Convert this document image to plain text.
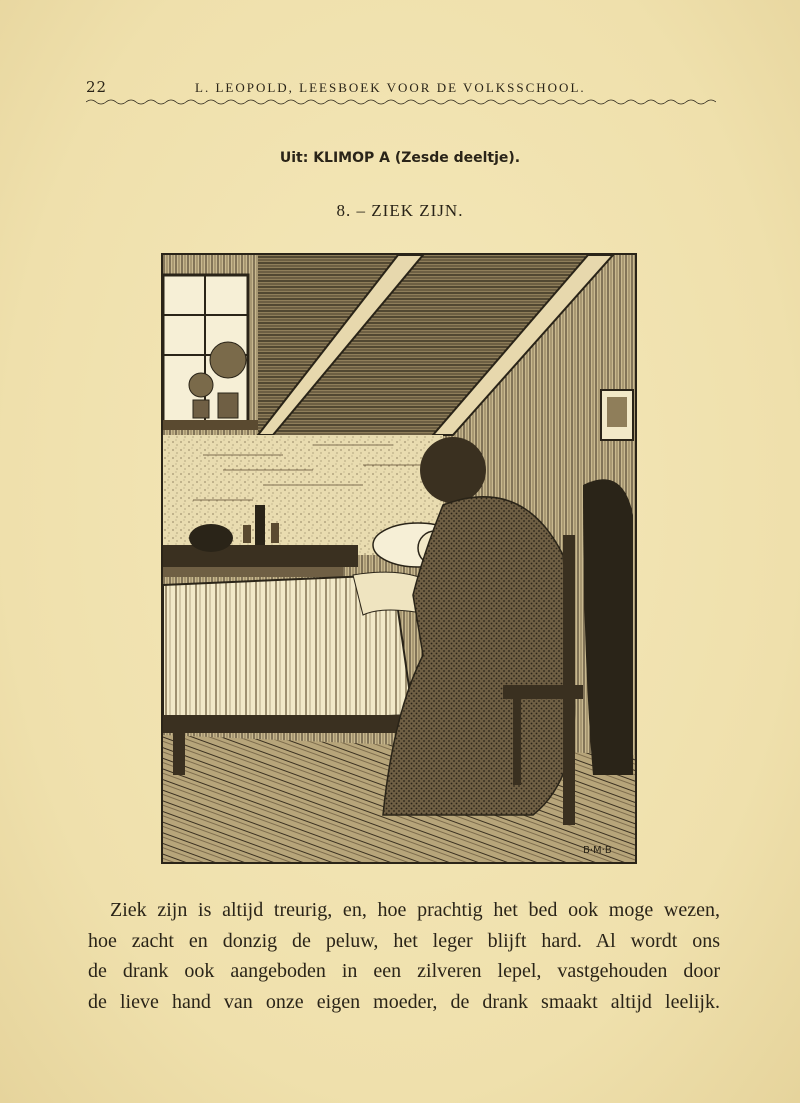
22	L. LEOPOLD, LEESBOEK VOOR DE VOLKSSCHOOL.
Uit: KLIMOP A (Zesde deeltje).
8. – ZIEK ZIJN.
B·M·B
Ziek zijn is altijd treurig, en, hoe prachtig het bed ook moge wezen,
hoe zacht en donzig de peluw, het leger blijft hard. Al wordt ons
de drank ook aangeboden in een zilveren lepel, vastgehouden door
de lieve hand van onze eigen moeder, de drank smaakt altijd leelijk.
